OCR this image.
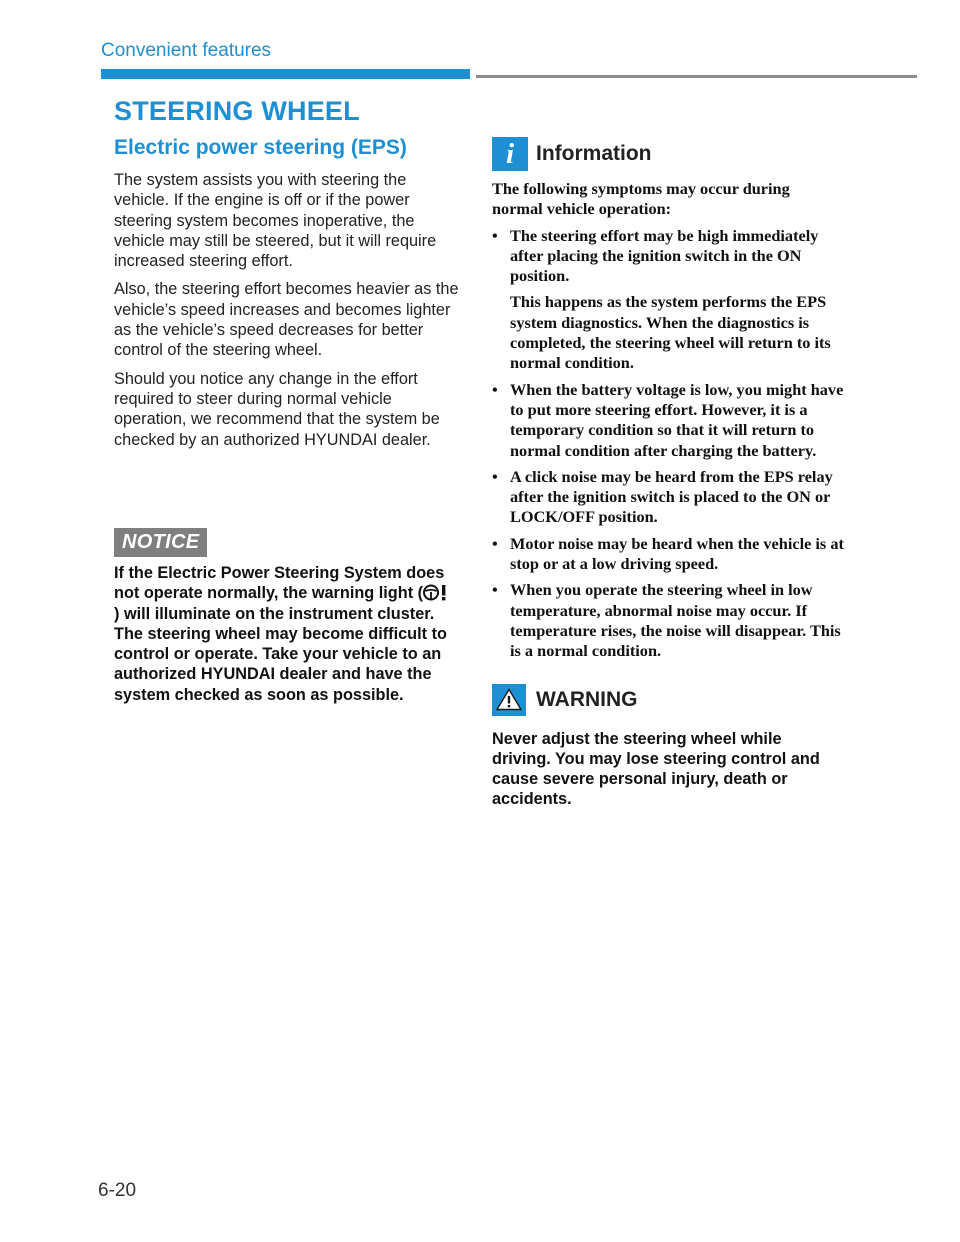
Convenient features
STEERING WHEEL
Electric power steering (EPS)

The system assists you with steering the vehicle. If the engine is off or if the power steering system becomes inoperative, the vehicle may still be steered, but it will require increased steering effort.

Also, the steering effort becomes heavier as the vehicle’s speed increases and becomes lighter as the vehicle’s speed decreases for better control of the steering wheel.

Should you notice any change in the effort required to steer during normal vehicle operation, we recommend that the system be checked by an authorized HYUNDAI dealer.

NOTICE

If the Electric Power Steering System does not operate normally, the warning light () will illuminate on the instrument cluster. The steering wheel may become difficult to control or operate. Take your vehicle to an authorized HYUNDAI dealer and have the system checked as soon as possible.

i	Information

The following symptoms may occur during normal vehicle operation:

• The steering effort may be high immediately after placing the ignition switch in the ON position.

This happens as the system performs the EPS system diagnostics. When the diagnostics is completed, the steering wheel will return to its normal condition.

• When the battery voltage is low, you might have to put more steering effort. However, it is a temporary condition so that it will return to normal condition after charging the battery.

• A click noise may be heard from the EPS relay after the ignition switch is placed to the ON or LOCK/OFF position.

• Motor noise may be heard when the vehicle is at stop or at a low driving speed.

• When you operate the steering wheel in low temperature, abnormal noise may occur. If temperature rises, the noise will disappear. This is a normal condition.

WARNING

Never adjust the steering wheel while driving. You may lose steering control and cause severe personal injury, death or accidents.

6-20
